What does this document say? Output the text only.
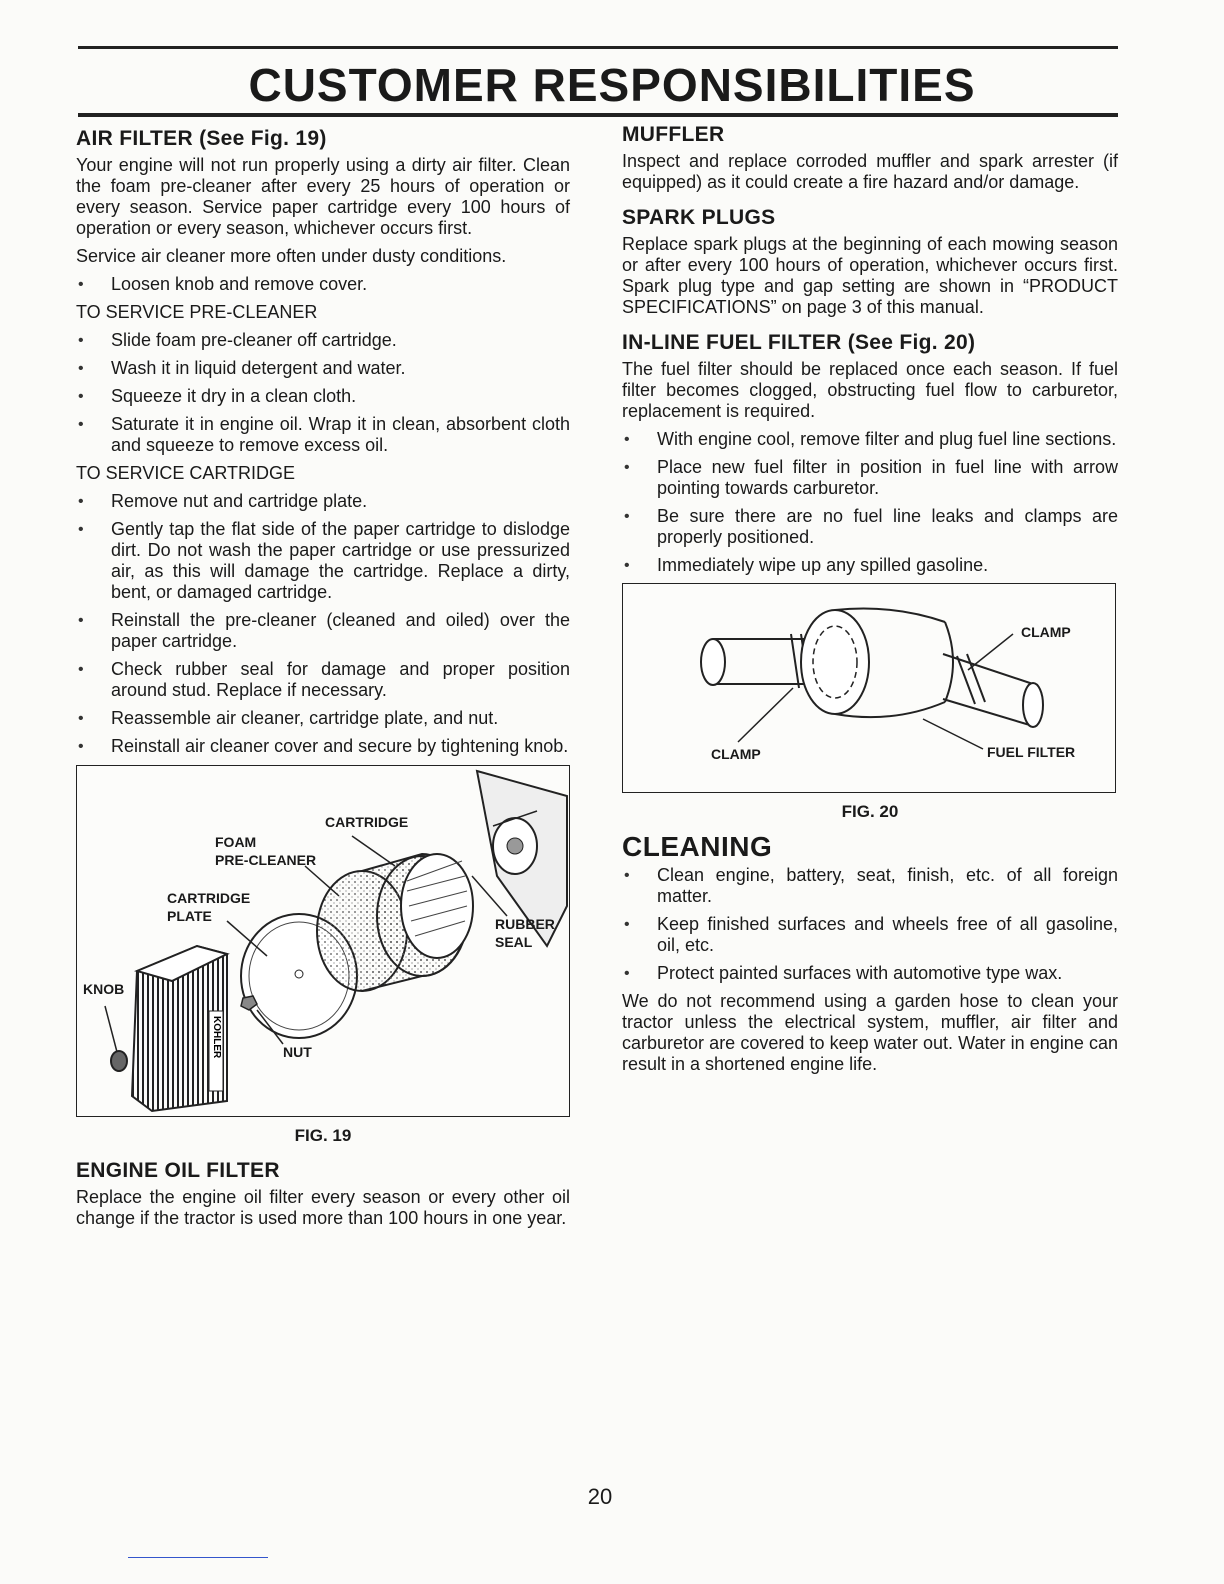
CUSTOMER RESPONSIBILITIES
AIR FILTER (See Fig. 19)

Your engine will not run properly using a dirty air filter. Clean the foam pre-cleaner after every 25 hours of operation or every season. Service paper cartridge every 100 hours of operation or every season, whichever occurs first.

Service air cleaner more often under dusty conditions.

• Loosen knob and remove cover.
TO SERVICE PRE-CLEANER
• Slide foam pre-cleaner off cartridge.
• Wash it in liquid detergent and water.
• Squeeze it dry in a clean cloth.
• Saturate it in engine oil. Wrap it in clean, absorbent cloth and squeeze to remove excess oil.
TO SERVICE CARTRIDGE
• Remove nut and cartridge plate.
• Gently tap the flat side of the paper cartridge to dislodge dirt. Do not wash the paper cartridge or use pressurized air, as this will damage the cartridge. Replace a dirty, bent, or damaged cartridge.
• Reinstall the pre-cleaner (cleaned and oiled) over the paper cartridge.
• Check rubber seal for damage and proper position around stud. Replace if necessary.
• Reassemble air cleaner, cartridge plate, and nut.
• Reinstall air cleaner cover and secure by tightening knob.
KOHLER
CARTRIDGE
FOAM
PRE-CLEANER
CARTRIDGE
PLATE	RUBBER
SEAL
KNOB
NUT
FIG. 19
ENGINE OIL FILTER

Replace the engine oil filter every season or every other oil change if the tractor is used more than 100 hours in one year.

MUFFLER

Inspect and replace corroded muffler and spark arrester (if equipped) as it could create a fire hazard and/or damage.

SPARK PLUGS

Replace spark plugs at the beginning of each mowing season or after every 100 hours of operation, whichever occurs first. Spark plug type and gap setting are shown in “PRODUCT SPECIFICATIONS” on page 3 of this manual.

IN-LINE FUEL FILTER (See Fig. 20)

The fuel filter should be replaced once each season. If fuel filter becomes clogged, obstructing fuel flow to carburetor, replacement is required.

• With engine cool, remove filter and plug fuel line sections.
• Place new fuel filter in position in fuel line with arrow pointing towards carburetor.
• Be sure there are no fuel line leaks and clamps are properly positioned.
• Immediately wipe up any spilled gasoline.
CLAMP
CLAMP	FUEL FILTER
FIG. 20
CLEANING
• Clean engine, battery, seat, finish, etc. of all foreign matter.
• Keep finished surfaces and wheels free of all gasoline, oil, etc.
• Protect painted surfaces with automotive type wax.

We do not recommend using a garden hose to clean your tractor unless the electrical system, muffler, air filter and carburetor are covered to keep water out. Water in engine can result in a shortened engine life.

20
